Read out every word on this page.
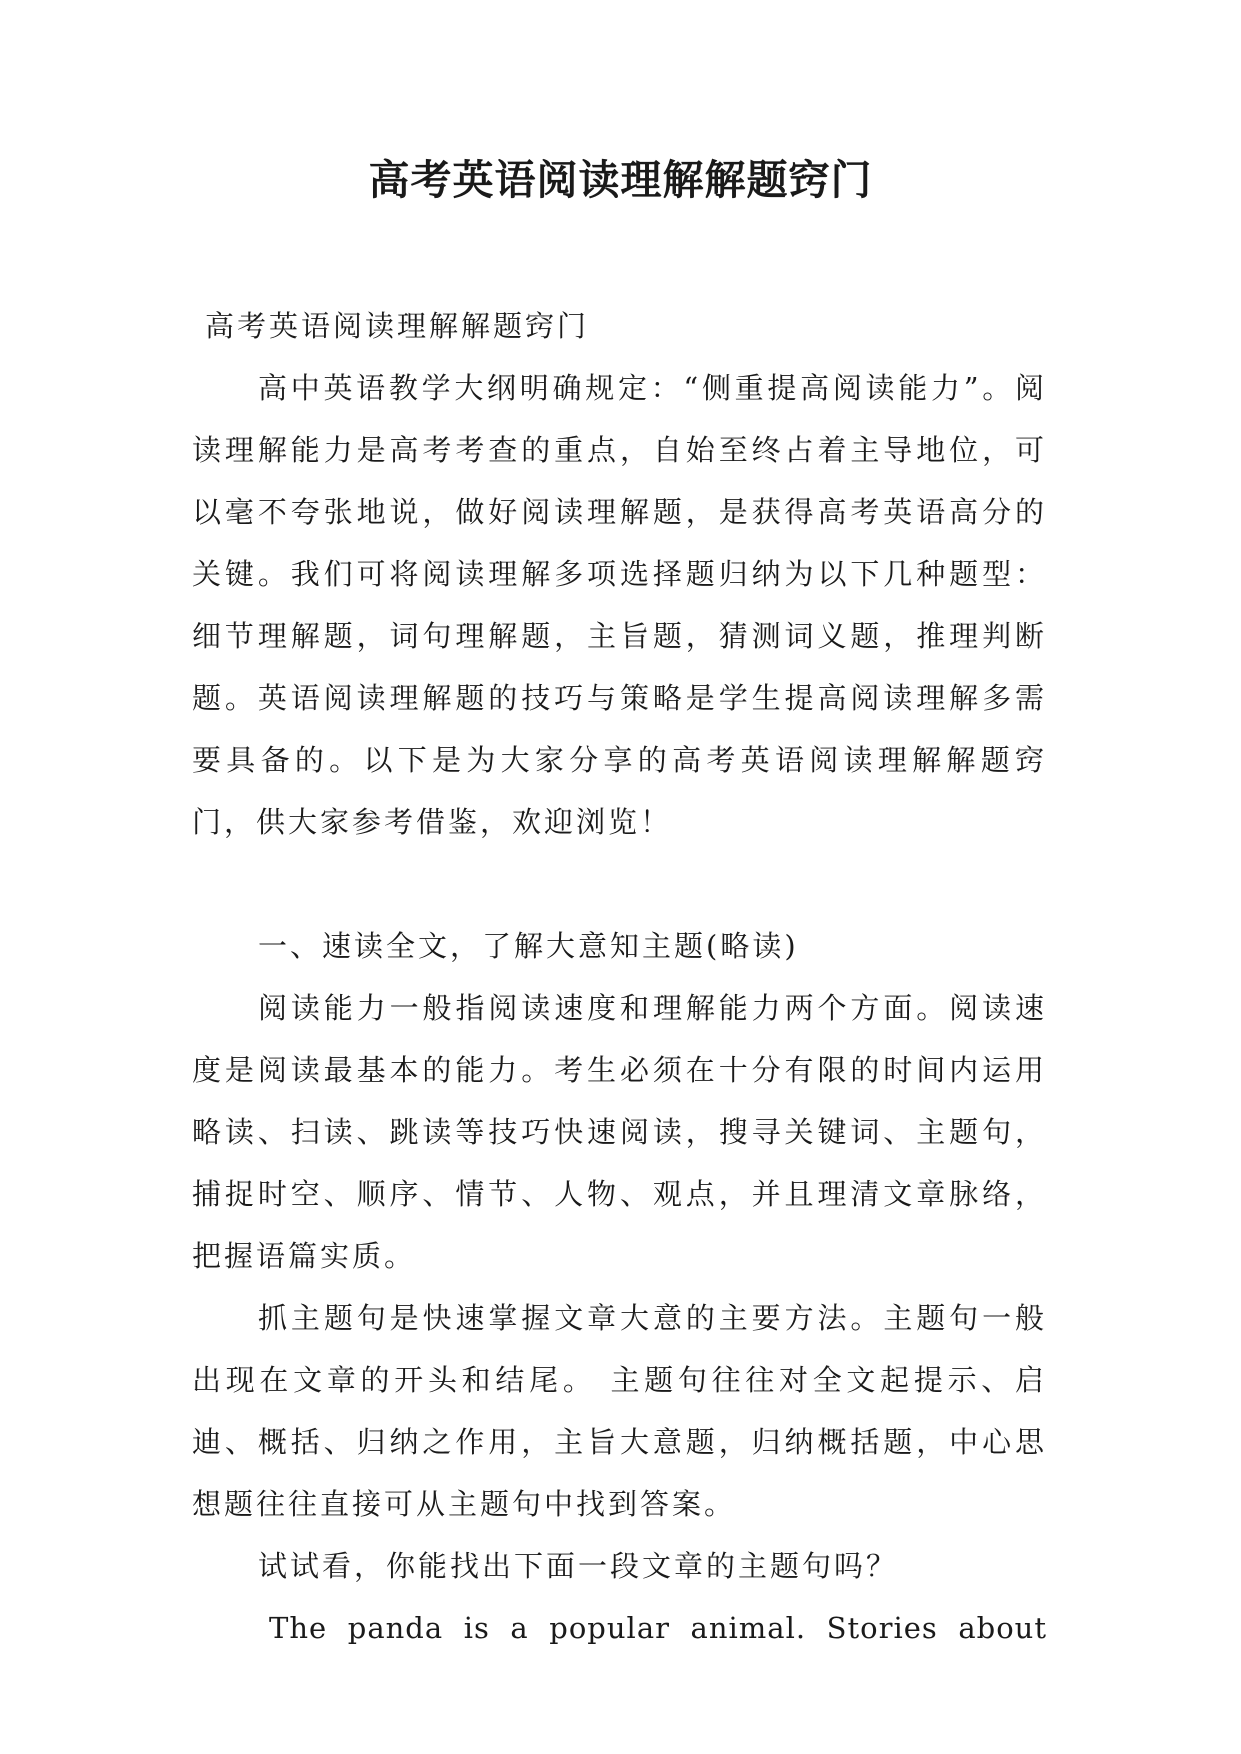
高考英语阅读理解解题窍门

高考英语阅读理解解题窍门

高中英语教学大纲明确规定：“侧重提高阅读能力”。阅读理解能力是高考考查的重点，自始至终占着主导地位，可以毫不夸张地说，做好阅读理解题，是获得高考英语高分的关键。我们可将阅读理解多项选择题归纳为以下几种题型：细节理解题，词句理解题，主旨题，猜测词义题，推理判断题。英语阅读理解题的技巧与策略是学生提高阅读理解多需要具备的。以下是为大家分享的高考英语阅读理解解题窍门，供大家参考借鉴，欢迎浏览！

一、速读全文，了解大意知主题(略读)

阅读能力一般指阅读速度和理解能力两个方面。阅读速度是阅读最基本的能力。考生必须在十分有限的时间内运用略读、扫读、跳读等技巧快速阅读，搜寻关键词、主题句，捕捉时空、顺序、情节、人物、观点，并且理清文章脉络，把握语篇实质。

抓主题句是快速掌握文章大意的主要方法。主题句一般出现在文章的开头和结尾。 主题句往往对全文起提示、启迪、概括、归纳之作用，主旨大意题，归纳概括题，中心思想题往往直接可从主题句中找到答案。

试试看，你能找出下面一段文章的主题句吗？

The panda is a popular animal. Stories about
